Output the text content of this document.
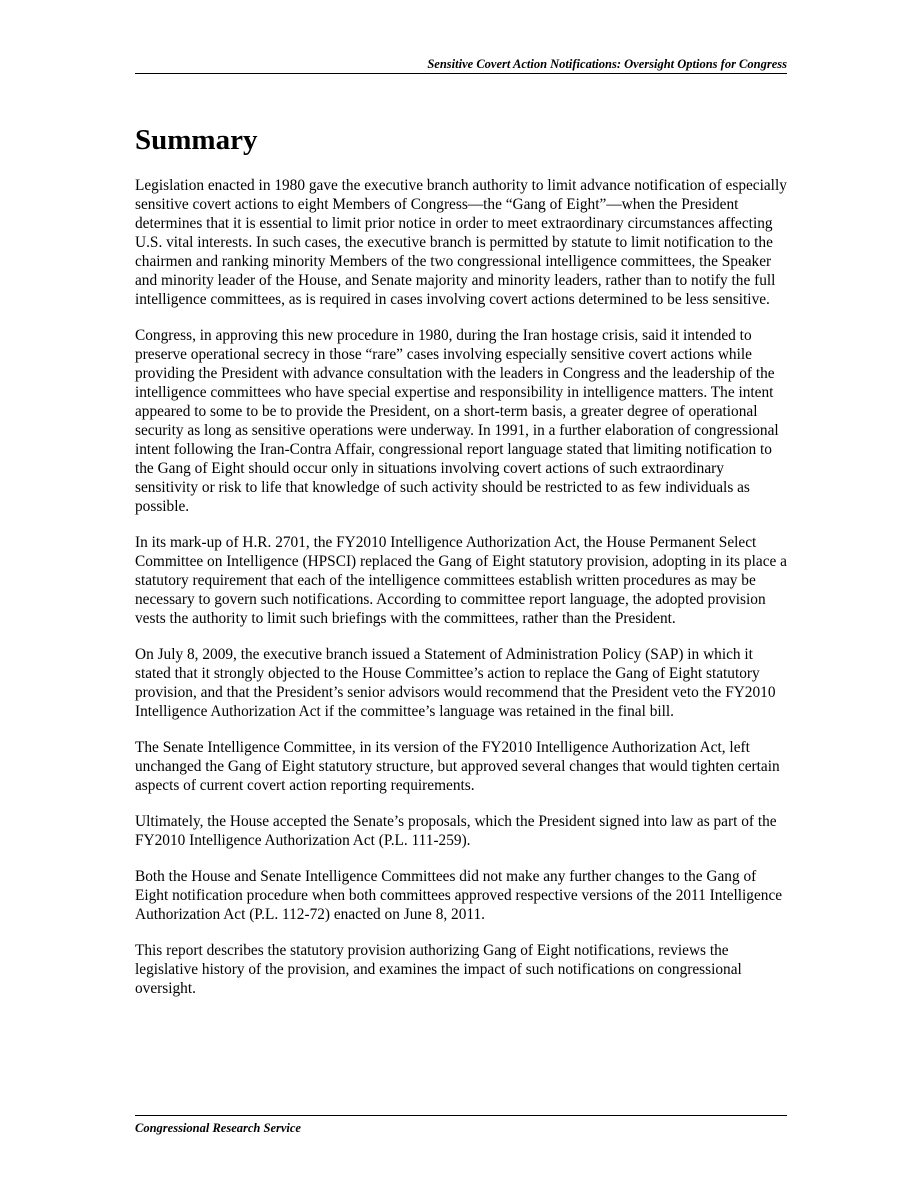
Sensitive Covert Action Notifications: Oversight Options for Congress
Summary

Legislation enacted in 1980 gave the executive branch authority to limit advance notification of especially sensitive covert actions to eight Members of Congress—the “Gang of Eight”—when the President determines that it is essential to limit prior notice in order to meet extraordinary circumstances affecting U.S. vital interests. In such cases, the executive branch is permitted by statute to limit notification to the chairmen and ranking minority Members of the two congressional intelligence committees, the Speaker and minority leader of the House, and Senate majority and minority leaders, rather than to notify the full intelligence committees, as is required in cases involving covert actions determined to be less sensitive.

Congress, in approving this new procedure in 1980, during the Iran hostage crisis, said it intended to preserve operational secrecy in those “rare” cases involving especially sensitive covert actions while providing the President with advance consultation with the leaders in Congress and the leadership of the intelligence committees who have special expertise and responsibility in intelligence matters. The intent appeared to some to be to provide the President, on a short-term basis, a greater degree of operational security as long as sensitive operations were underway. In 1991, in a further elaboration of congressional intent following the Iran-Contra Affair, congressional report language stated that limiting notification to the Gang of Eight should occur only in situations involving covert actions of such extraordinary sensitivity or risk to life that knowledge of such activity should be restricted to as few individuals as possible.

In its mark-up of H.R. 2701, the FY2010 Intelligence Authorization Act, the House Permanent Select Committee on Intelligence (HPSCI) replaced the Gang of Eight statutory provision, adopting in its place a statutory requirement that each of the intelligence committees establish written procedures as may be necessary to govern such notifications. According to committee report language, the adopted provision vests the authority to limit such briefings with the committees, rather than the President.

On July 8, 2009, the executive branch issued a Statement of Administration Policy (SAP) in which it stated that it strongly objected to the House Committee’s action to replace the Gang of Eight statutory provision, and that the President’s senior advisors would recommend that the President veto the FY2010 Intelligence Authorization Act if the committee’s language was retained in the final bill.

The Senate Intelligence Committee, in its version of the FY2010 Intelligence Authorization Act, left unchanged the Gang of Eight statutory structure, but approved several changes that would tighten certain aspects of current covert action reporting requirements.

Ultimately, the House accepted the Senate’s proposals, which the President signed into law as part of the FY2010 Intelligence Authorization Act (P.L. 111-259).

Both the House and Senate Intelligence Committees did not make any further changes to the Gang of Eight notification procedure when both committees approved respective versions of the 2011 Intelligence Authorization Act (P.L. 112-72) enacted on June 8, 2011.

This report describes the statutory provision authorizing Gang of Eight notifications, reviews the legislative history of the provision, and examines the impact of such notifications on congressional oversight.

Congressional Research Service
